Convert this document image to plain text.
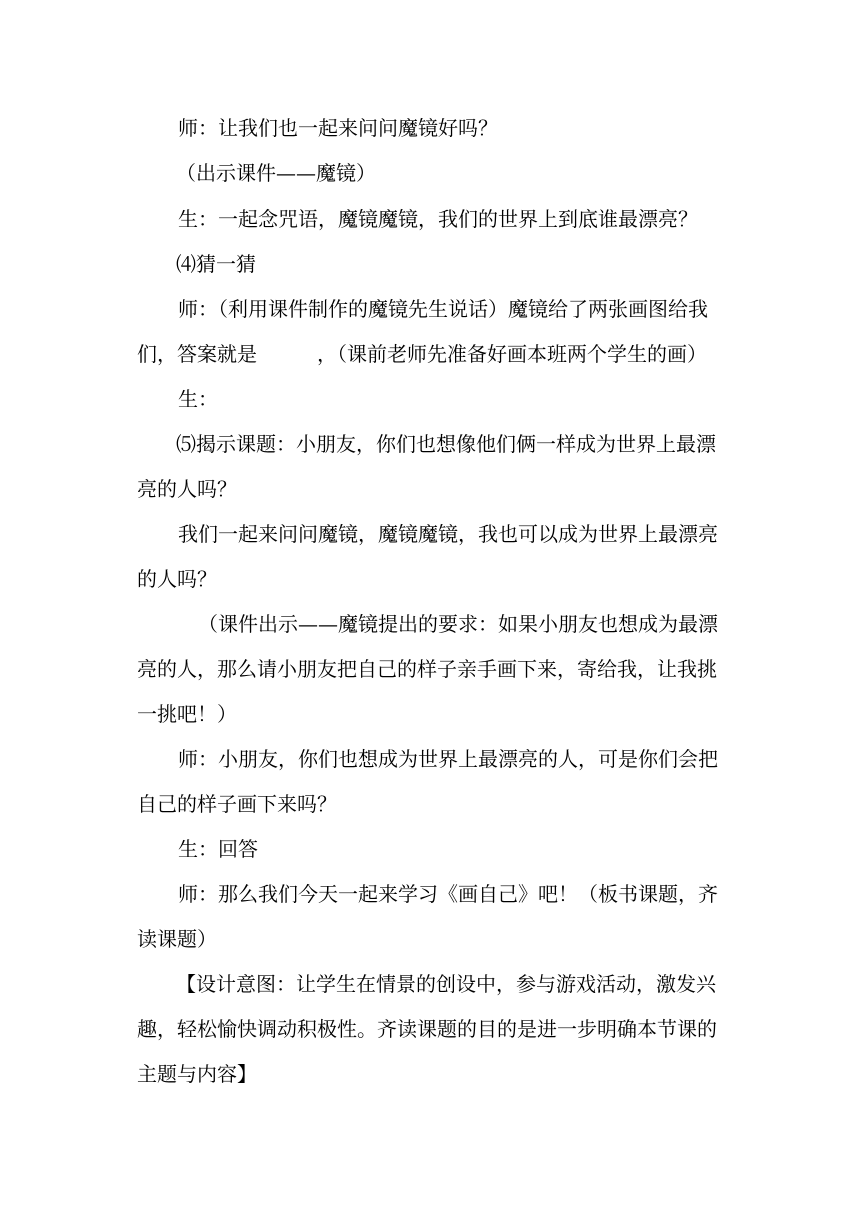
师：让我们也一起来问问魔镜好吗？
（出示课件——魔镜）
生：一起念咒语，魔镜魔镜，我们的世界上到底谁最漂亮？
⑷猜一猜
师：（利用课件制作的魔镜先生说话）魔镜给了两张画图给我
们，答案就是　　　，（课前老师先准备好画本班两个学生的画）
生：
⑸揭示课题：小朋友，你们也想像他们俩一样成为世界上最漂
亮的人吗？
我们一起来问问魔镜，魔镜魔镜，我也可以成为世界上最漂亮
的人吗？
（课件出示——魔镜提出的要求：如果小朋友也想成为最漂
亮的人，那么请小朋友把自己的样子亲手画下来，寄给我，让我挑
一挑吧！）
师：小朋友，你们也想成为世界上最漂亮的人，可是你们会把
自己的样子画下来吗？
生：回答
师：那么我们今天一起来学习《画自己》吧！（板书课题，齐
读课题）
【设计意图：让学生在情景的创设中，参与游戏活动，激发兴
趣，轻松愉快调动积极性。齐读课题的目的是进一步明确本节课的
主题与内容】
